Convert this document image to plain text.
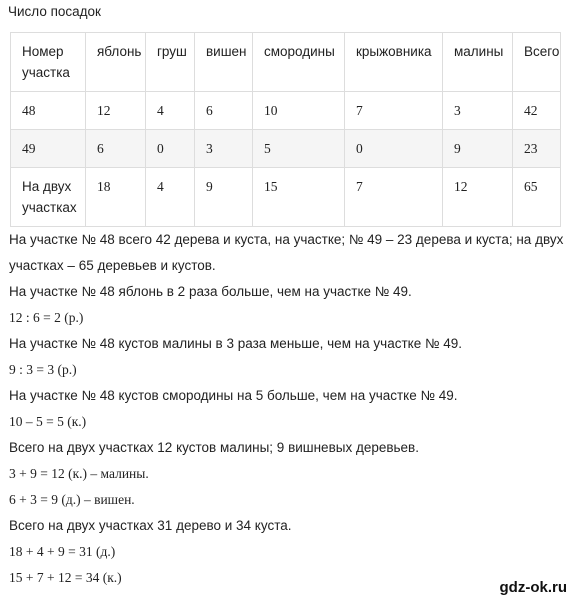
Число посадок
Номер участка	яблонь	груш	вишен	смородины	крыжовника	малины	Всего
48	12	4	6	10	7	3	42
49	6	0	3	5	0	9	23
На двух участках	18	4	9	15	7	12	65
На участке № 48 всего 42 дерева и куста, на участке; № 49 – 23 дерева и куста; на двух
участках – 65 деревьев и кустов.
На участке № 48 яблонь в 2 раза больше, чем на участке № 49.
12 : 6 = 2 (р.)
На участке № 48 кустов малины в 3 раза меньше, чем на участке № 49.
9 : 3 = 3 (р.)
На участке № 48 кустов смородины на 5 больше, чем на участке № 49.
10 – 5 = 5 (к.)
Всего на двух участках 12 кустов малины; 9 вишневых деревьев.
3 + 9 = 12 (к.) – малины.
6 + 3 = 9 (д.) – вишен.
Всего на двух участках 31 дерево и 34 куста.
18 + 4 + 9 = 31 (д.)
15 + 7 + 12 = 34 (к.)
gdz-ok.ru
